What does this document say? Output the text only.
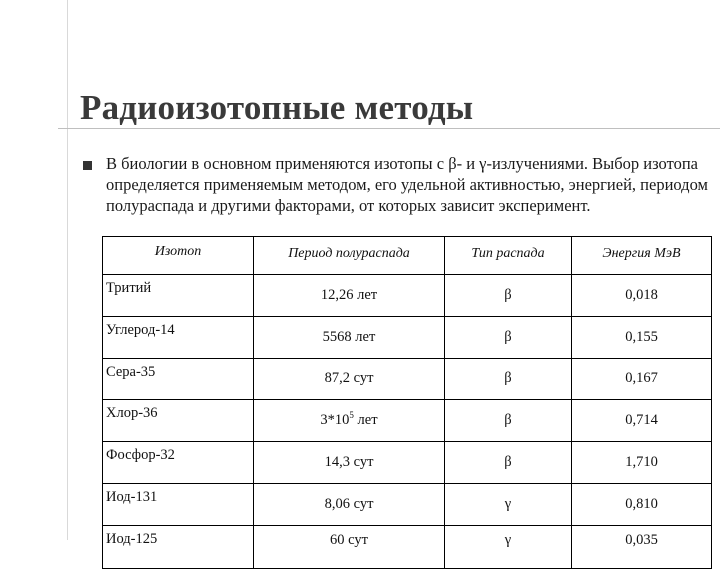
Радиоизотопные методы
В биологии в основном применяются изотопы с β- и γ-излучениями. Выбор изотопа определяется применяемым методом, его удельной активностью, энергией, периодом полураспада и другими факторами, от которых зависит эксперимент.
Изотоп	Период полураспада	Тип распада	Энергия МэВ
Тритий	12,26 лет	β	0,018
Углерод-14	5568 лет	β	0,155
Сера-35	87,2 сут	β	0,167
Хлор-36	$3*10^5$ лет	β	0,714
Фосфор-32	14,3 сут	β	1,710
Иод-131	8,06 сут	γ	0,810
Иод-125	60 сут	γ	0,035
